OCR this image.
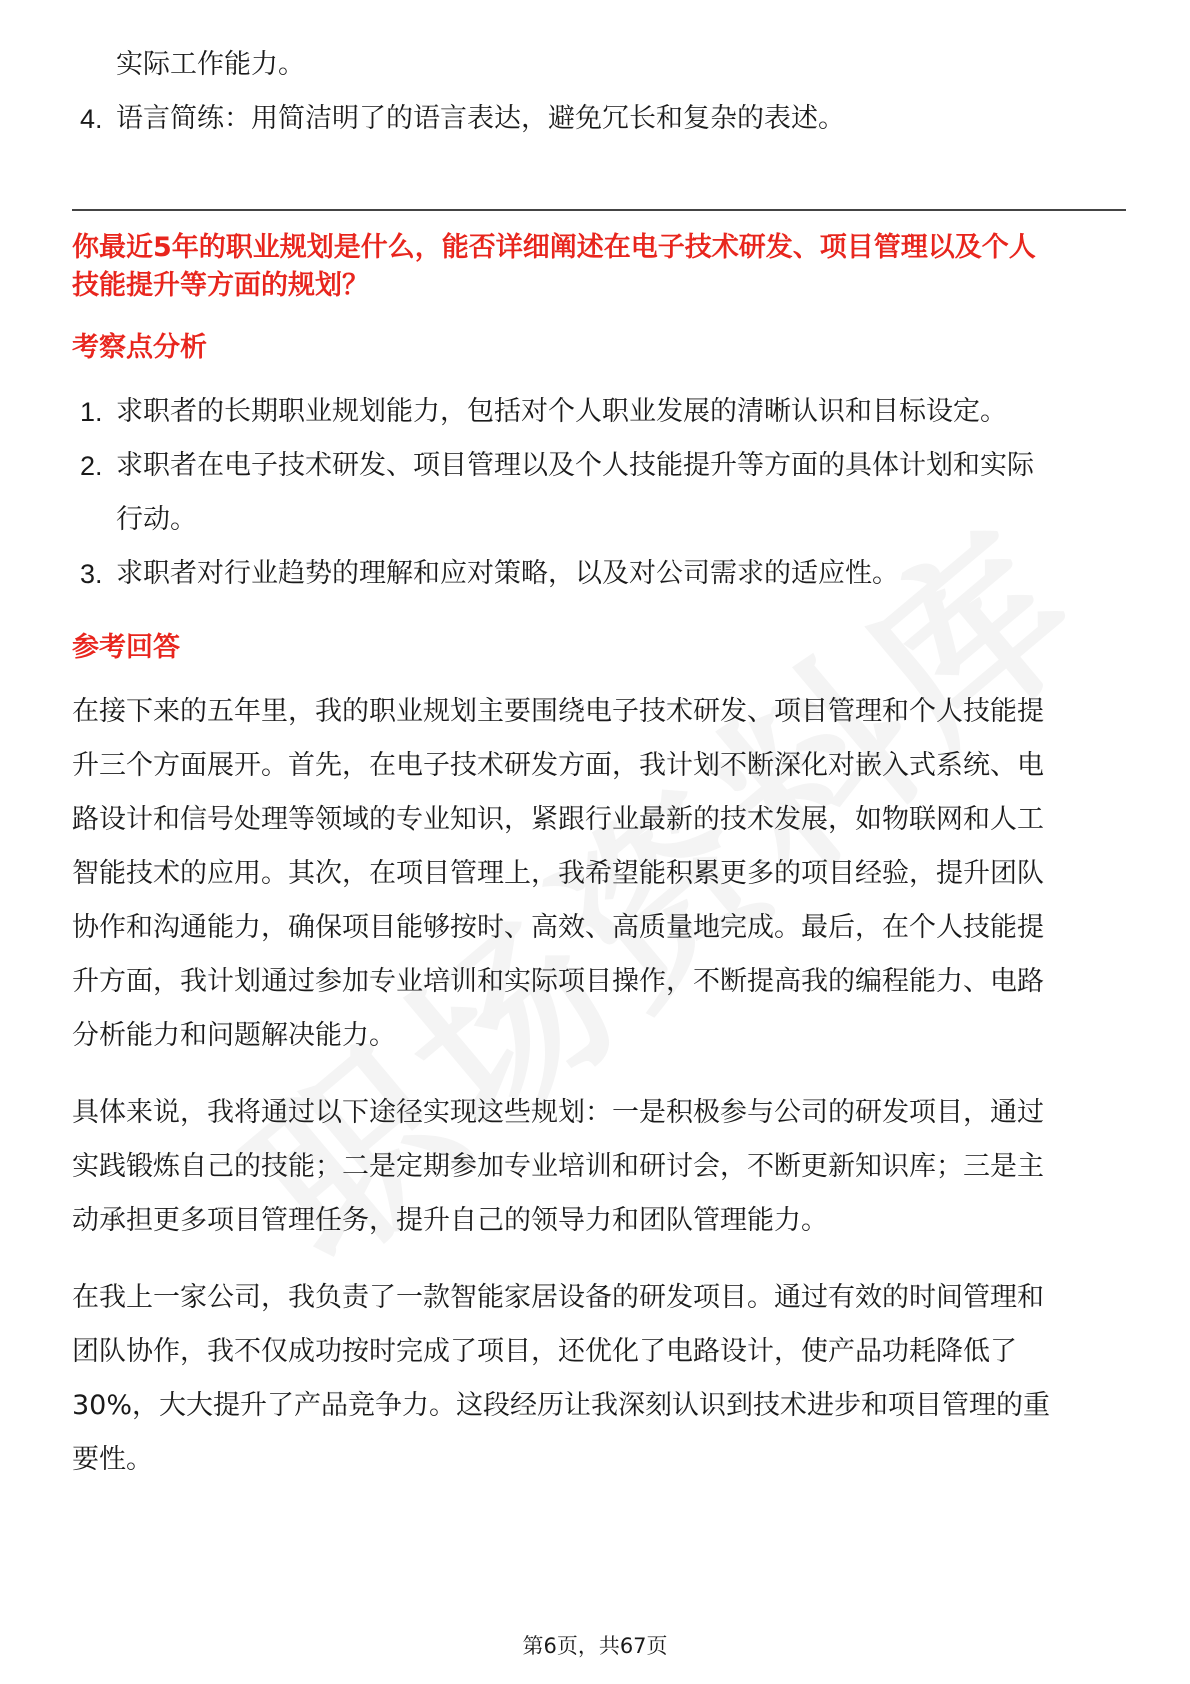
实际工作能力。
4. 语言简练：用简洁明了的语言表达，避免冗长和复杂的表述。
你最近5年的职业规划是什么，能否详细阐述在电子技术研发、项目管理以及个人
技能提升等方面的规划？
考察点分析
1. 求职者的长期职业规划能力，包括对个人职业发展的清晰认识和目标设定。
2. 求职者在电子技术研发、项目管理以及个人技能提升等方面的具体计划和实际
行动。
3. 求职者对行业趋势的理解和应对策略，以及对公司需求的适应性。
参考回答
在接下来的五年里，我的职业规划主要围绕电子技术研发、项目管理和个人技能提
升三个方面展开。首先，在电子技术研发方面，我计划不断深化对嵌入式系统、电
路设计和信号处理等领域的专业知识，紧跟行业最新的技术发展，如物联网和人工
智能技术的应用。其次，在项目管理上，我希望能积累更多的项目经验，提升团队
协作和沟通能力，确保项目能够按时、高效、高质量地完成。最后，在个人技能提
升方面，我计划通过参加专业培训和实际项目操作，不断提高我的编程能力、电路
分析能力和问题解决能力。
具体来说，我将通过以下途径实现这些规划：一是积极参与公司的研发项目，通过
实践锻炼自己的技能；二是定期参加专业培训和研讨会，不断更新知识库；三是主
动承担更多项目管理任务，提升自己的领导力和团队管理能力。
在我上一家公司，我负责了一款智能家居设备的研发项目。通过有效的时间管理和
团队协作，我不仅成功按时完成了项目，还优化了电路设计，使产品功耗降低了
30%，大大提升了产品竞争力。这段经历让我深刻认识到技术进步和项目管理的重
要性。
第6页，共67页
